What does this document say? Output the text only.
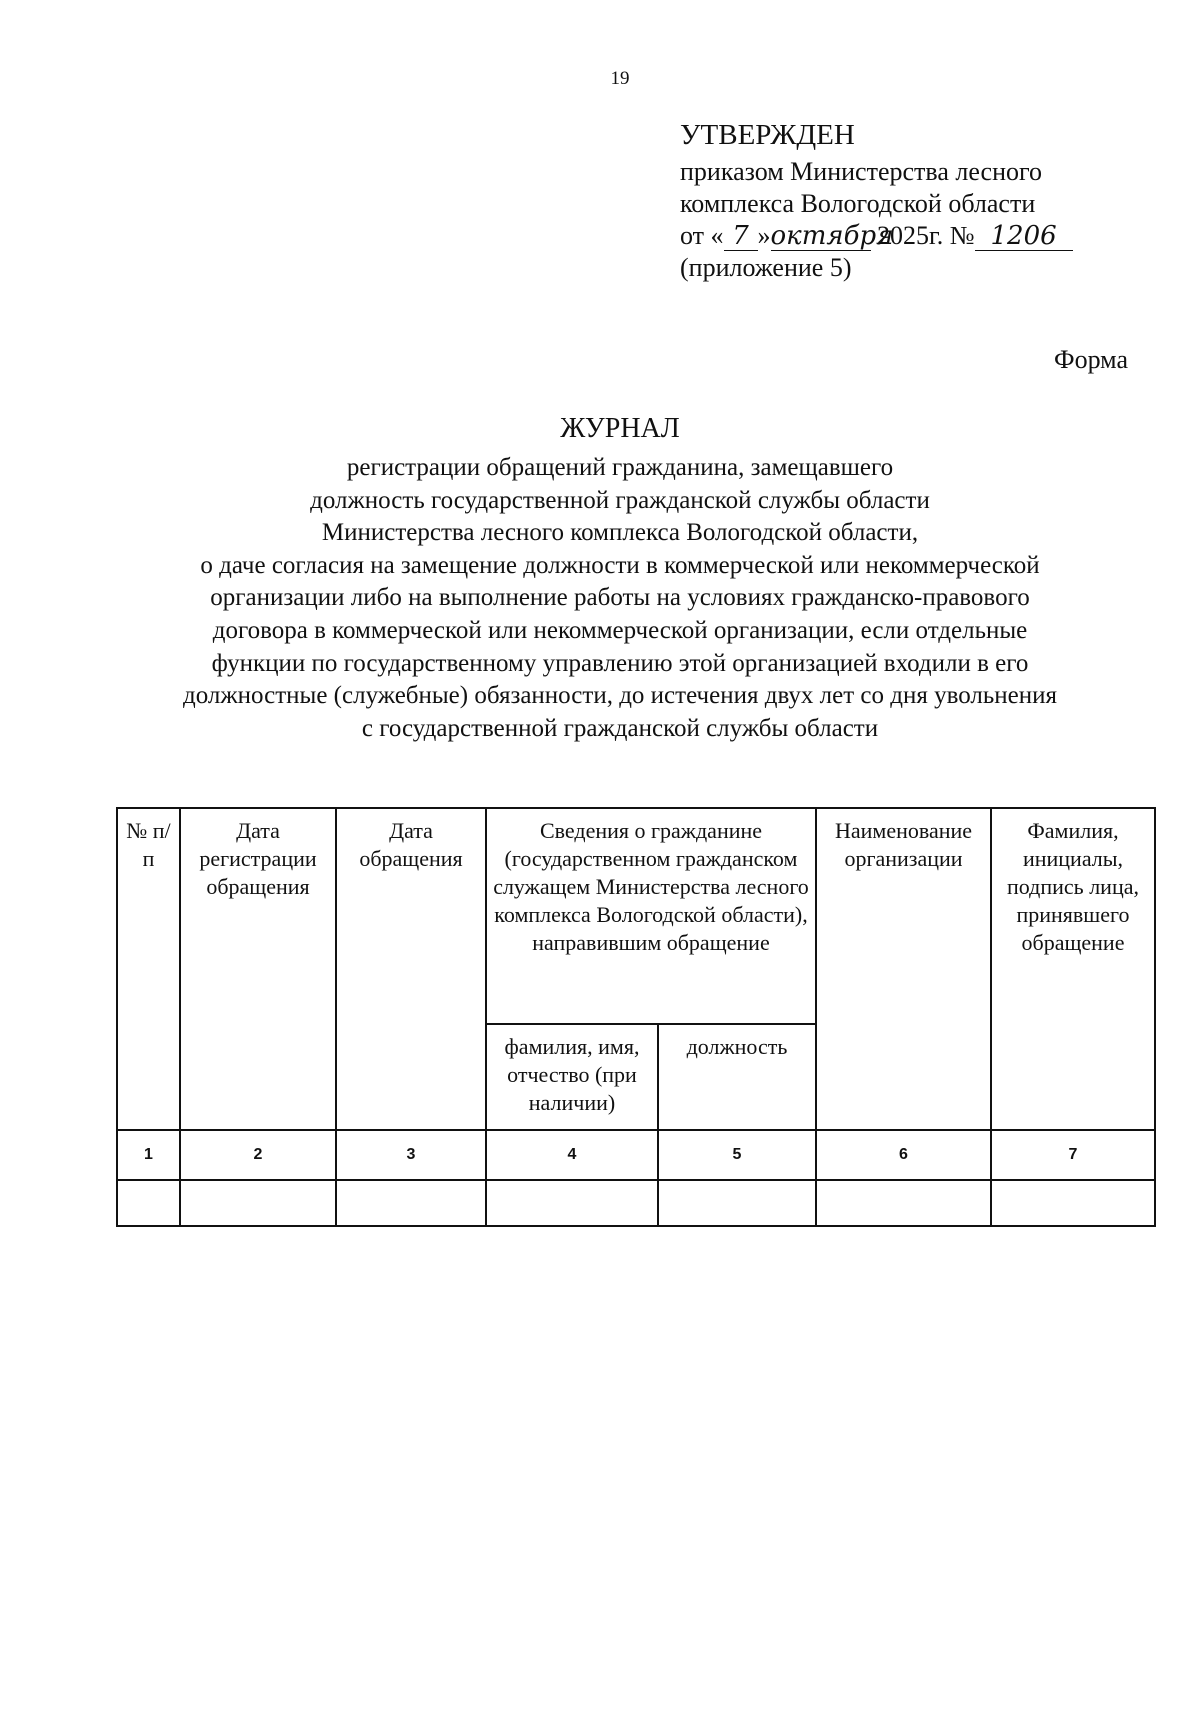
19
УТВЕРЖДЕН
приказом Министерства лесного
комплекса Вологодской области
от « 7 »октября 2025г. № 1206
(приложение 5)
Форма
ЖУРНАЛ
регистрации обращений гражданина, замещавшего
должность государственной гражданской службы области
Министерства лесного комплекса Вологодской области,
о даче согласия на замещение должности в коммерческой или некоммерческой
организации либо на выполнение работы на условиях гражданско-правового
договора в коммерческой или некоммерческой организации, если отдельные
функции по государственному управлению этой организацией входили в его
должностные (служебные) обязанности, до истечения двух лет со дня увольнения
с государственной гражданской службы области
№ п/п	Дата регистрации обращения	Дата обращения	Сведения о гражданине (государственном гражданском служащем Министерства лесного комплекса Вологодской области), направившим обращение		Наименование организации	Фамилия, инициалы, подпись лица, принявшего обращение

			фамилия, имя, отчество (при наличии)	должность		

1	2	3	4	5	6	7
